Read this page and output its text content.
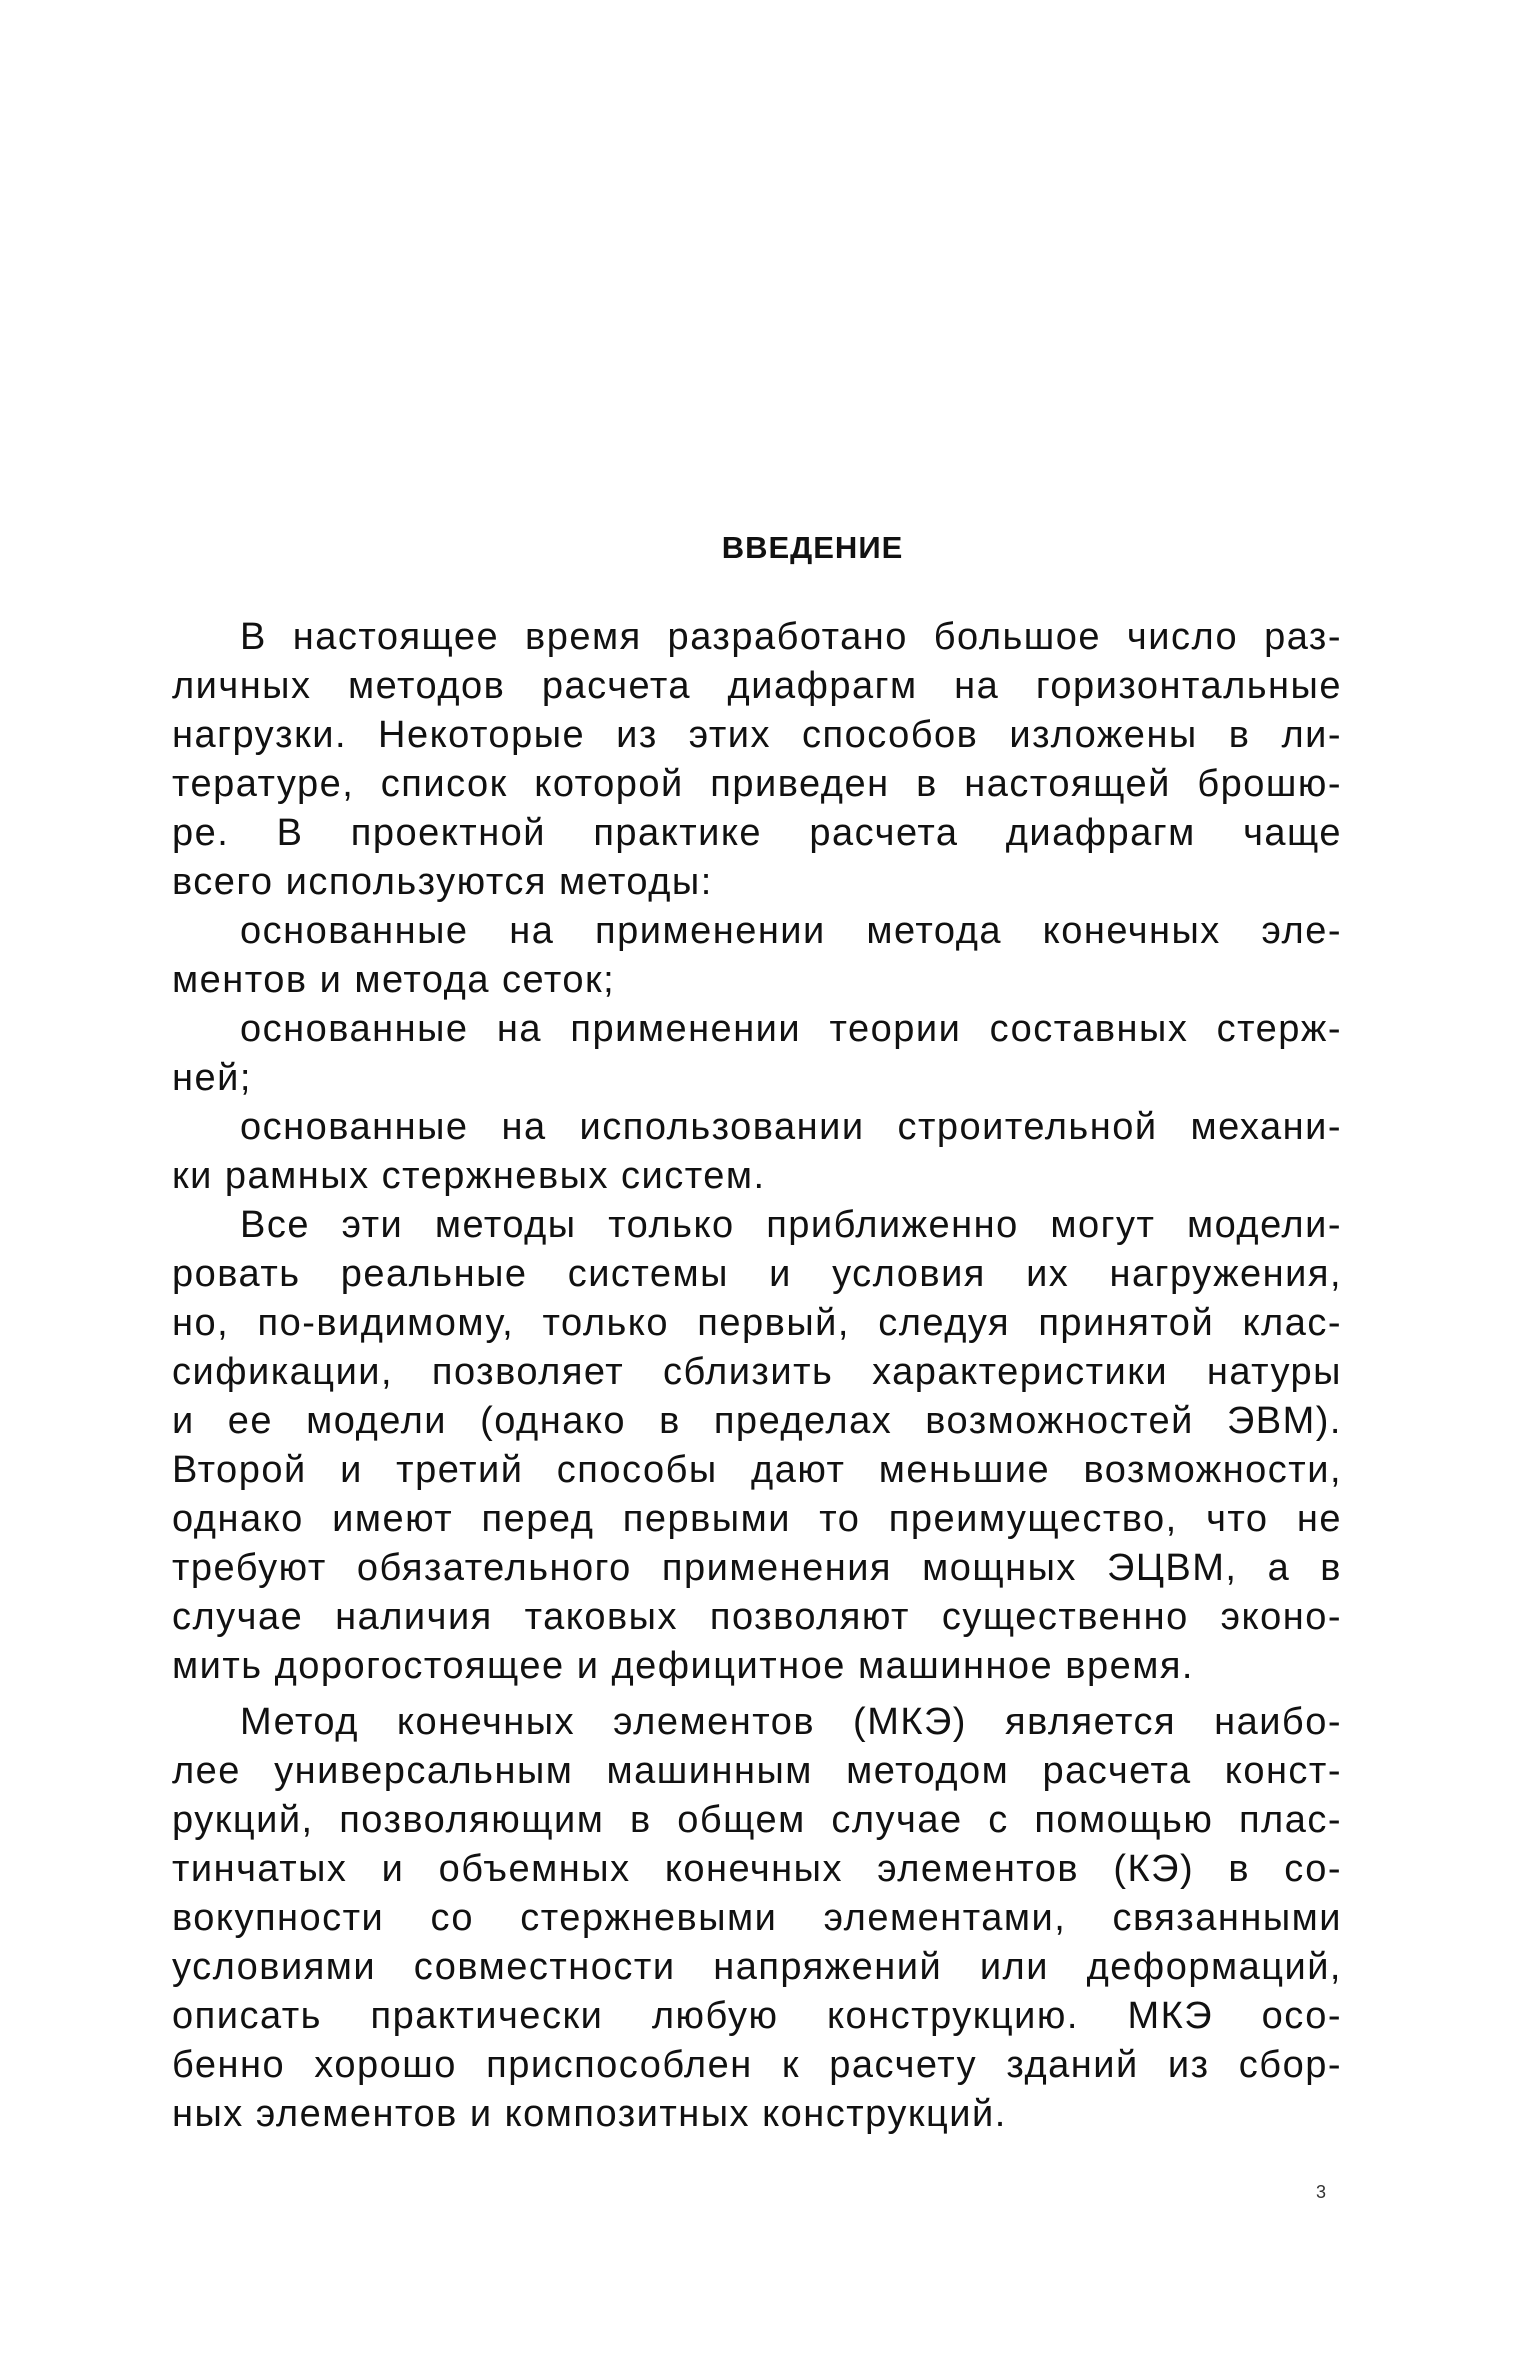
ВВЕДЕНИЕ
В настоящее время разработано большое число раз-
личных методов расчета диафрагм на горизонтальные
нагрузки. Некоторые из этих способов изложены в ли-
тературе, список которой приведен в настоящей брошю-
ре. В проектной практике расчета диафрагм чаще
всего используются методы:
основанные на применении метода конечных эле-
ментов и метода сеток;
основанные на применении теории составных стерж-
ней;
основанные на использовании строительной механи-
ки рамных стержневых систем.
Все эти методы только приближенно могут модели-
ровать реальные системы и условия их нагружения,
но, по-видимому, только первый, следуя принятой клас-
сификации, позволяет сблизить характеристики натуры
и ее модели (однако в пределах возможностей ЭВМ).
Второй и третий способы дают меньшие возможности,
однако имеют перед первыми то преимущество, что не
требуют обязательного применения мощных ЭЦВМ, а в
случае наличия таковых позволяют существенно эконо-
мить дорогостоящее и дефицитное машинное время.
Метод конечных элементов (МКЭ) является наибо-
лее универсальным машинным методом расчета конст-
рукций, позволяющим в общем случае с помощью плас-
тинчатых и объемных конечных элементов (КЭ) в со-
вокупности со стержневыми элементами, связанными
условиями совместности напряжений или деформаций,
описать практически любую конструкцию. МКЭ осо-
бенно хорошо приспособлен к расчету зданий из сбор-
ных элементов и композитных конструкций.
3
